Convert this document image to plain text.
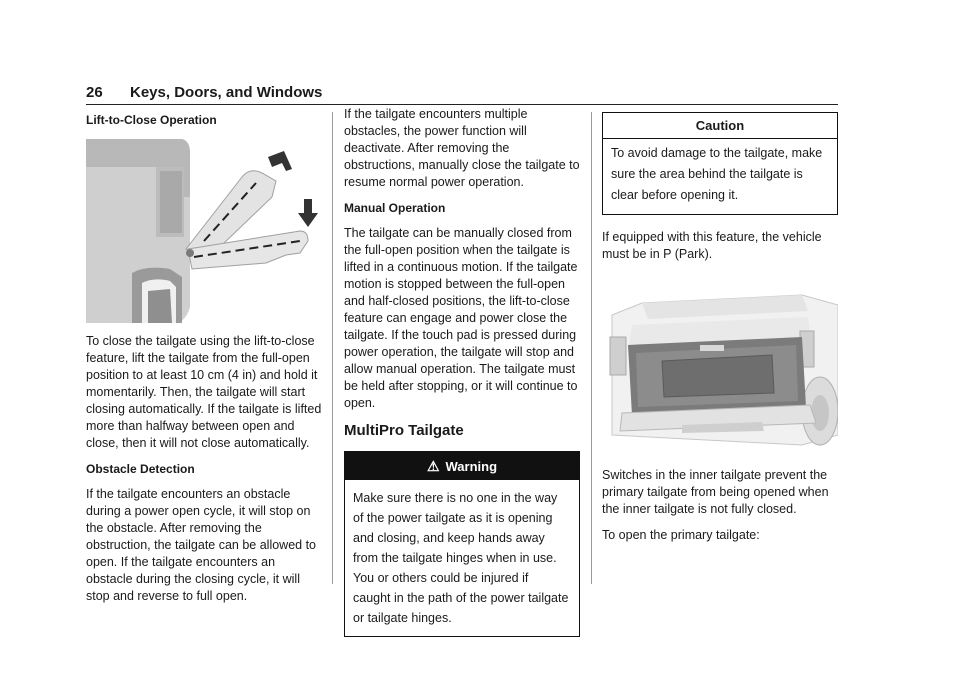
26 Keys, Doors, and Windows
Lift-to-Close Operation

To close the tailgate using the lift-to-close feature, lift the tailgate from the full-open position to at least 10 cm (4 in) and hold it momentarily. Then, the tailgate will start closing automatically. If the tailgate is lifted more than halfway between open and close, then it will not close automatically.

Obstacle Detection

If the tailgate encounters an obstacle during a power open cycle, it will stop on the obstacle. After removing the obstruction, the tailgate can be allowed to open. If the tailgate encounters an obstacle during the closing cycle, it will stop and reverse to full open.

If the tailgate encounters multiple obstacles, the power function will deactivate. After removing the obstructions, manually close the tailgate to resume normal power operation.

Manual Operation

The tailgate can be manually closed from the full-open position when the tailgate is lifted in a continuous motion. If the tailgate motion is stopped between the full-open and half-closed positions, the lift-to-close feature can engage and power close the tailgate. If the touch pad is pressed during power operation, the tailgate will stop and allow manual operation. The tailgate must be held after stopping, or it will continue to open.

MultiPro Tailgate
⚠ Warning
Make sure there is no one in the way of the power tailgate as it is opening and closing, and keep hands away from the tailgate hinges when in use. You or others could be injured if caught in the path of the power tailgate or tailgate hinges.
Caution
To avoid damage to the tailgate, make sure the area behind the tailgate is clear before opening it.

If equipped with this feature, the vehicle must be in P (Park).

Switches in the inner tailgate prevent the primary tailgate from being opened when the inner tailgate is not fully closed.

To open the primary tailgate:
